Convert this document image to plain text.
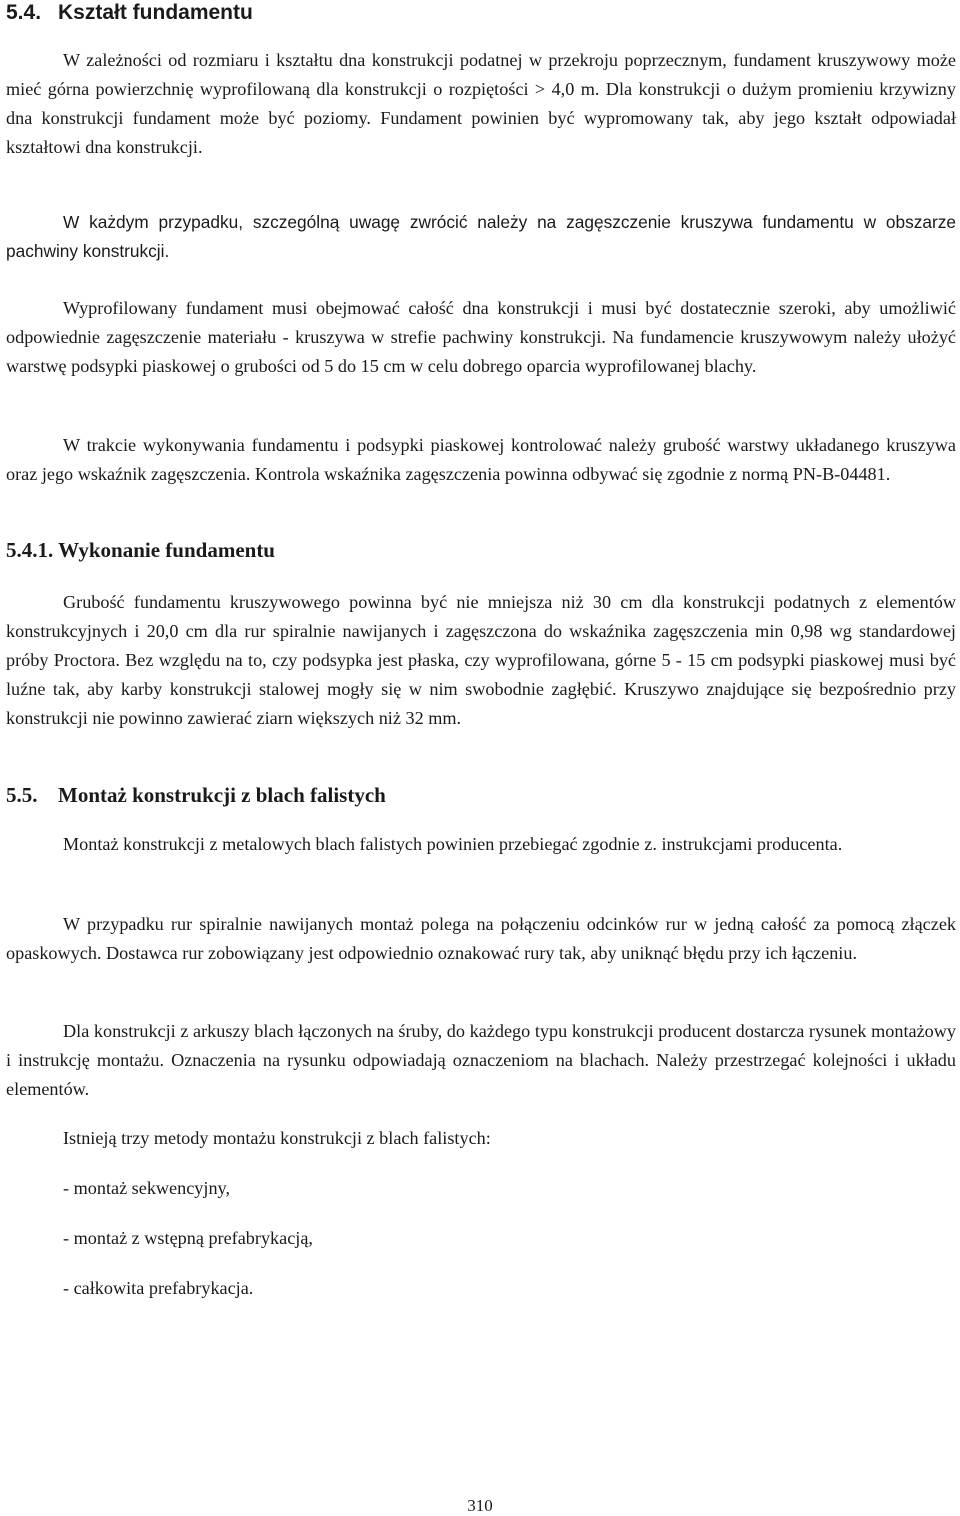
5.4. Kształt fundamentu

W zależności od rozmiaru i kształtu dna konstrukcji podatnej w przekroju poprzecznym, fundament kruszywowy może mieć górna powierzchnię wyprofilowaną dla konstrukcji o rozpiętości > 4,0 m. Dla konstrukcji o dużym promieniu krzywizny dna konstrukcji fundament może być poziomy. Fundament powinien być wypromowany tak, aby jego kształt odpowiadał kształtowi dna konstrukcji.

W każdym przypadku, szczególną uwagę zwrócić należy na zagęszczenie kruszywa fundamentu w obszarze pachwiny konstrukcji.

Wyprofilowany fundament musi obejmować całość dna konstrukcji i musi być dostatecznie szeroki, aby umożliwić odpowiednie zagęszczenie materiału - kruszywa w strefie pachwiny konstrukcji. Na fundamencie kruszywowym należy ułożyć warstwę podsypki piaskowej o grubości od 5 do 15 cm w celu dobrego oparcia wyprofilowanej blachy.

W trakcie wykonywania fundamentu i podsypki piaskowej kontrolować należy grubość warstwy układanego kruszywa oraz jego wskaźnik zagęszczenia. Kontrola wskaźnika zagęszczenia powinna odbywać się zgodnie z normą PN-B-04481.

5.4.1. Wykonanie fundamentu

Grubość fundamentu kruszywowego powinna być nie mniejsza niż 30 cm dla konstrukcji podatnych z elementów konstrukcyjnych i 20,0 cm dla rur spiralnie nawijanych i zagęszczona do wskaźnika zagęszczenia min 0,98 wg standardowej próby Proctora. Bez względu na to, czy podsypka jest płaska, czy wyprofilowana, górne 5 - 15 cm podsypki piaskowej musi być luźne tak, aby karby konstrukcji stalowej mogły się w nim swobodnie zagłębić. Kruszywo znajdujące się bezpośrednio przy konstrukcji nie powinno zawierać ziarn większych niż 32 mm.

5.5. Montaż konstrukcji z blach falistych

Montaż konstrukcji z metalowych blach falistych powinien przebiegać zgodnie z. instrukcjami producenta.

W przypadku rur spiralnie nawijanych montaż polega na połączeniu odcinków rur w jedną całość za pomocą złączek opaskowych. Dostawca rur zobowiązany jest odpowiednio oznakować rury tak, aby uniknąć błędu przy ich łączeniu.

Dla konstrukcji z arkuszy blach łączonych na śruby, do każdego typu konstrukcji producent dostarcza rysunek montażowy i instrukcję montażu. Oznaczenia na rysunku odpowiadają oznaczeniom na blachach. Należy przestrzegać kolejności i układu elementów.

Istnieją trzy metody montażu konstrukcji z blach falistych:

- montaż sekwencyjny,

- montaż z wstępną prefabrykacją,

- całkowita prefabrykacja.

310
